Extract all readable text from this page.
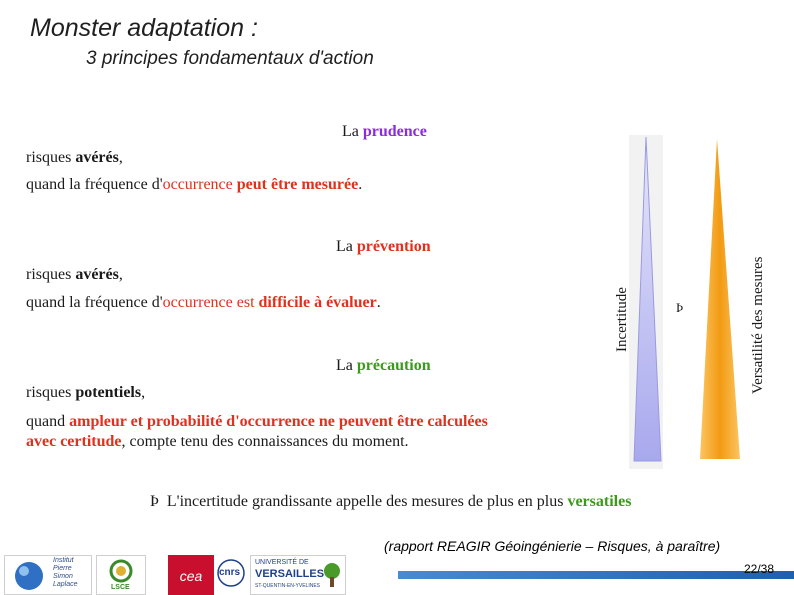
Monster adaptation :
3 principes fondamentaux d'action
La prudence
risques avérés,
quand la fréquence d'occurrence peut être mesurée.
La prévention
risques avérés,
quand la fréquence d'occurrence est difficile à évaluer.
La précaution
risques potentiels,
quand ampleur et probabilité d'occurrence ne peuvent être calculées
avec certitude, compte tenu des connaissances du moment.
Incertitude	Versatilité des mesures
Þ
Þ L'incertitude grandissante appelle des mesures de plus en plus versatiles
(rapport REAGIR Géoingénierie – Risques, à paraître)
22/38
Institut
Pierre
Simon
Laplace	LSCE
cea cnrs
UNIVERSITÉ DE
VERSAILLES
ST-QUENTIN-EN-YVELINES
